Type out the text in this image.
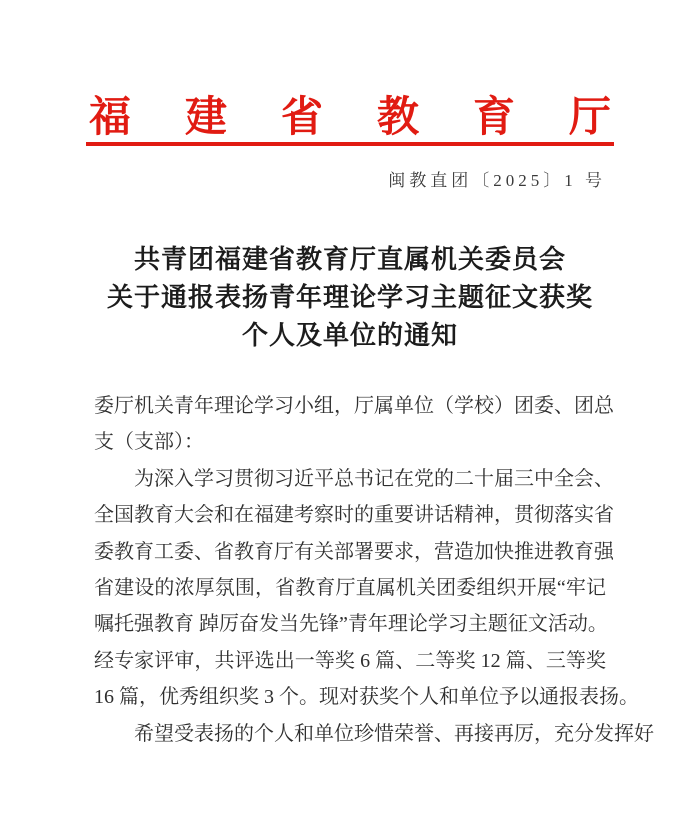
福建省教育厅
闽教直团〔2025〕1 号
共青团福建省教育厅直属机关委员会
关于通报表扬青年理论学习主题征文获奖
个人及单位的通知
委厅机关青年理论学习小组，厅属单位（学校）团委、团总
支（支部）：
为深入学习贯彻习近平总书记在党的二十届三中全会、
全国教育大会和在福建考察时的重要讲话精神，贯彻落实省
委教育工委、省教育厅有关部署要求，营造加快推进教育强
省建设的浓厚氛围，省教育厅直属机关团委组织开展“牢记
嘱托强教育 踔厉奋发当先锋”青年理论学习主题征文活动。
经专家评审，共评选出一等奖 6 篇、二等奖 12 篇、三等奖
16 篇，优秀组织奖 3 个。现对获奖个人和单位予以通报表扬。
希望受表扬的个人和单位珍惜荣誉、再接再厉，充分发挥好
